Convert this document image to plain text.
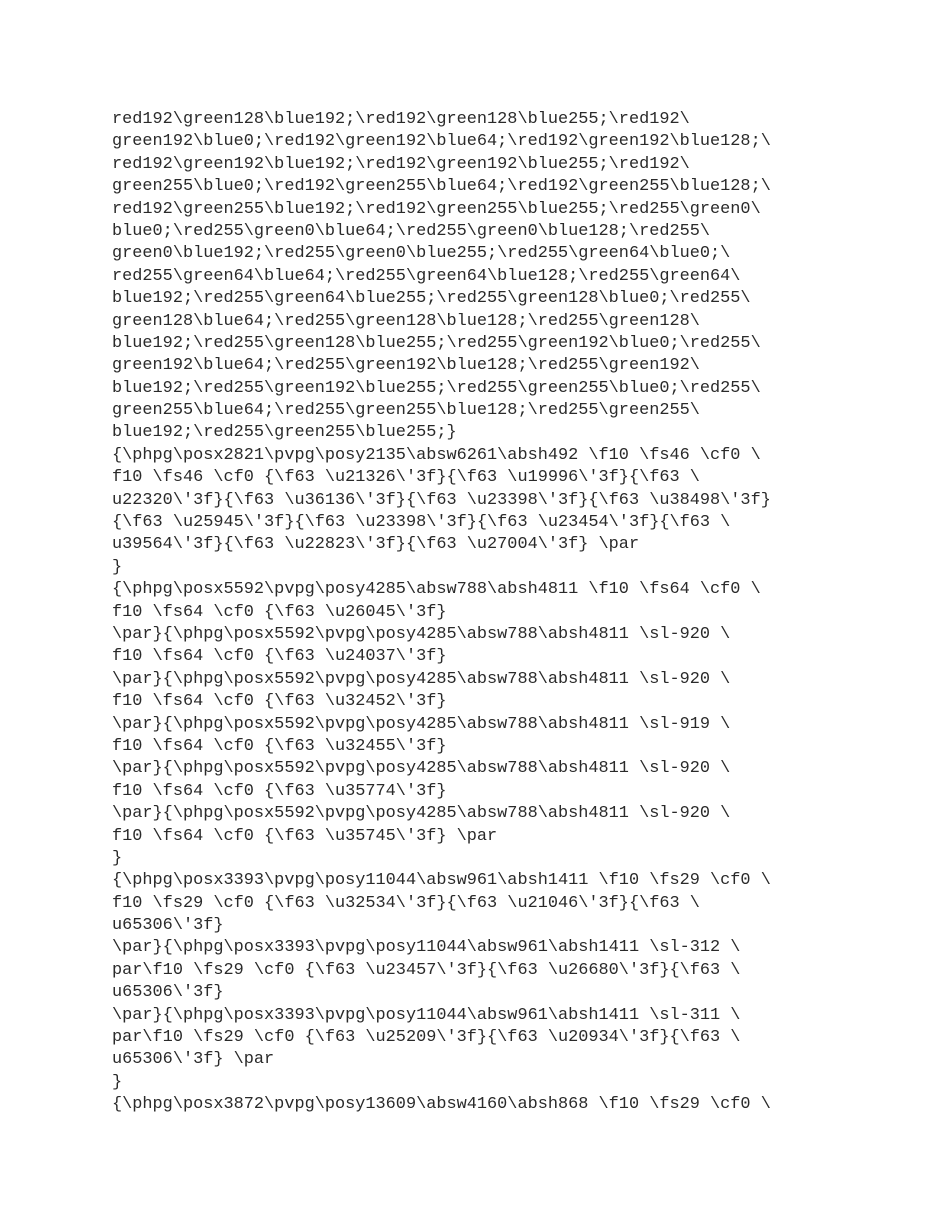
red192\green128\blue192;\red192\green128\blue255;\red192\
green192\blue0;\red192\green192\blue64;\red192\green192\blue128;\
red192\green192\blue192;\red192\green192\blue255;\red192\
green255\blue0;\red192\green255\blue64;\red192\green255\blue128;\
red192\green255\blue192;\red192\green255\blue255;\red255\green0\
blue0;\red255\green0\blue64;\red255\green0\blue128;\red255\
green0\blue192;\red255\green0\blue255;\red255\green64\blue0;\
red255\green64\blue64;\red255\green64\blue128;\red255\green64\
blue192;\red255\green64\blue255;\red255\green128\blue0;\red255\
green128\blue64;\red255\green128\blue128;\red255\green128\
blue192;\red255\green128\blue255;\red255\green192\blue0;\red255\
green192\blue64;\red255\green192\blue128;\red255\green192\
blue192;\red255\green192\blue255;\red255\green255\blue0;\red255\
green255\blue64;\red255\green255\blue128;\red255\green255\
blue192;\red255\green255\blue255;}
{\phpg\posx2821\pvpg\posy2135\absw6261\absh492 \f10 \fs46 \cf0 \
f10 \fs46 \cf0 {\f63 \u21326\'3f}{\f63 \u19996\'3f}{\f63 \
u22320\'3f}{\f63 \u36136\'3f}{\f63 \u23398\'3f}{\f63 \u38498\'3f}
{\f63 \u25945\'3f}{\f63 \u23398\'3f}{\f63 \u23454\'3f}{\f63 \
u39564\'3f}{\f63 \u22823\'3f}{\f63 \u27004\'3f} \par
}
{\phpg\posx5592\pvpg\posy4285\absw788\absh4811 \f10 \fs64 \cf0 \
f10 \fs64 \cf0 {\f63 \u26045\'3f}
\par}{\phpg\posx5592\pvpg\posy4285\absw788\absh4811 \sl-920 \
f10 \fs64 \cf0 {\f63 \u24037\'3f}
\par}{\phpg\posx5592\pvpg\posy4285\absw788\absh4811 \sl-920 \
f10 \fs64 \cf0 {\f63 \u32452\'3f}
\par}{\phpg\posx5592\pvpg\posy4285\absw788\absh4811 \sl-919 \
f10 \fs64 \cf0 {\f63 \u32455\'3f}
\par}{\phpg\posx5592\pvpg\posy4285\absw788\absh4811 \sl-920 \
f10 \fs64 \cf0 {\f63 \u35774\'3f}
\par}{\phpg\posx5592\pvpg\posy4285\absw788\absh4811 \sl-920 \
f10 \fs64 \cf0 {\f63 \u35745\'3f} \par
}
{\phpg\posx3393\pvpg\posy11044\absw961\absh1411 \f10 \fs29 \cf0 \
f10 \fs29 \cf0 {\f63 \u32534\'3f}{\f63 \u21046\'3f}{\f63 \
u65306\'3f}
\par}{\phpg\posx3393\pvpg\posy11044\absw961\absh1411 \sl-312 \
par\f10 \fs29 \cf0 {\f63 \u23457\'3f}{\f63 \u26680\'3f}{\f63 \
u65306\'3f}
\par}{\phpg\posx3393\pvpg\posy11044\absw961\absh1411 \sl-311 \
par\f10 \fs29 \cf0 {\f63 \u25209\'3f}{\f63 \u20934\'3f}{\f63 \
u65306\'3f} \par
}
{\phpg\posx3872\pvpg\posy13609\absw4160\absh868 \f10 \fs29 \cf0 \
